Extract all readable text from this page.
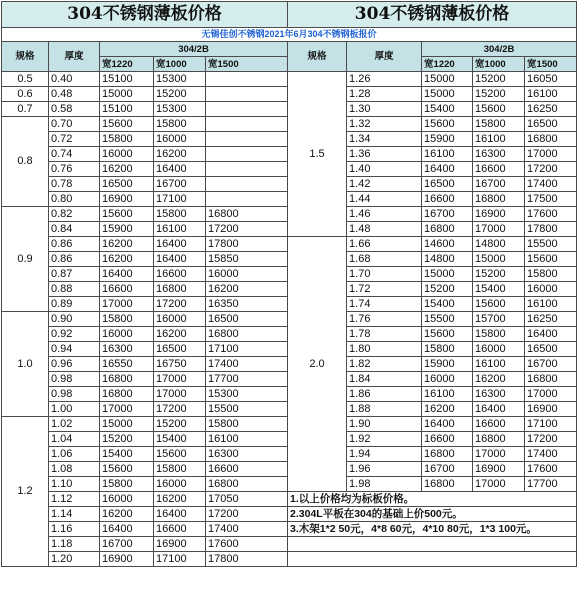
304不锈钢薄板价格					304不锈钢薄板价格				
无锡佳创不锈钢2021年6月304不锈钢板报价									
规格	厚度	304/2B			规格	厚度	304/2B		
		宽1220	宽1000	宽1500			宽1220	宽1000	宽1500
0.5	0.40	15100	15300		1.5	1.26	15000	15200	16050
0.6	0.48	15000	15200			1.28	15000	15200	16100
0.7	0.58	15100	15300			1.30	15400	15600	16250
0.8	0.70	15600	15800			1.32	15600	15800	16500
	0.72	15800	16000			1.34	15900	16100	16800
	0.74	16000	16200			1.36	16100	16300	17000
	0.76	16200	16400			1.40	16400	16600	17200
	0.78	16500	16700			1.42	16500	16700	17400
	0.80	16900	17100			1.44	16600	16800	17500
0.9	0.82	15600	15800	16800		1.46	16700	16900	17600
	0.84	15900	16100	17200		1.48	16800	17000	17800
	0.86	16200	16400	17800	2.0	1.66	14600	14800	15500
	0.86	16200	16400	15850		1.68	14800	15000	15600
	0.87	16400	16600	16000		1.70	15000	15200	15800
	0.88	16600	16800	16200		1.72	15200	15400	16000
	0.89	17000	17200	16350		1.74	15400	15600	16100
1.0	0.90	15800	16000	16500		1.76	15500	15700	16250
	0.92	16000	16200	16800		1.78	15600	15800	16400
	0.94	16300	16500	17100		1.80	15800	16000	16500
	0.96	16550	16750	17400		1.82	15900	16100	16700
	0.98	16800	17000	17700		1.84	16000	16200	16800
	0.98	16800	17000	15300		1.86	16100	16300	17000
	1.00	17000	17200	15500		1.88	16200	16400	16900
1.2	1.02	15000	15200	15800		1.90	16400	16600	17100
	1.04	15200	15400	16100		1.92	16600	16800	17200
	1.06	15400	15600	16300		1.94	16800	17000	17400
	1.08	15600	15800	16600		1.96	16700	16900	17600
	1.10	15800	16000	16800		1.98	16800	17000	17700
	1.12	16000	16200	17050	1.以上价格均为标板价格。				
	1.14	16200	16400	17200	2.304L平板在304的基础上价500元。				
	1.16	16400	16600	17400	3.木架1*2 50元，4*8 60元，4*10 80元，1*3 100元。				
	1.18	16700	16900	17600					
	1.20	16900	17100	17800					
